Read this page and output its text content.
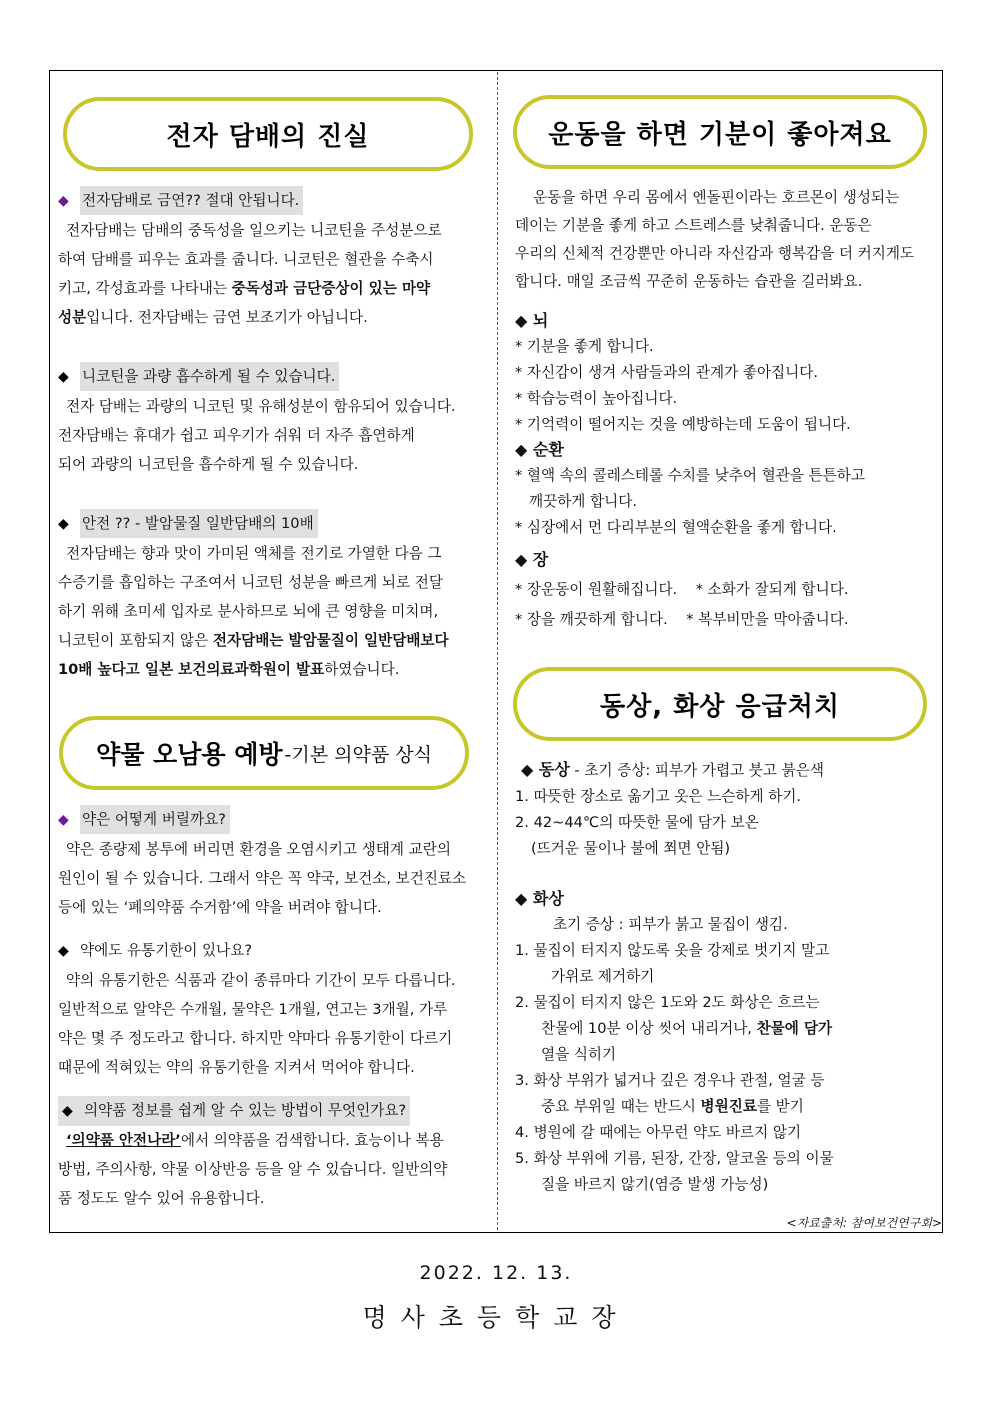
전자 담배의 진실

◆ 전자담배로 금연?? 절대 안됩니다.

전자담배는 담배의 중독성을 일으키는 니코틴을 주성분으로

하여 담배를 피우는 효과를 줍니다. 니코틴은 혈관을 수축시

키고, 각성효과를 나타내는 중독성과 금단증상이 있는 마약

성분입니다. 전자담배는 금연 보조기가 아닙니다.

◆ 니코틴을 과량 흡수하게 될 수 있습니다.

전자 담배는 과량의 니코틴 및 유해성분이 함유되어 있습니다.

전자담배는 휴대가 쉽고 피우기가 쉬워 더 자주 흡연하게

되어 과량의 니코틴을 흡수하게 될 수 있습니다.

◆ 안전 ?? - 발암물질 일반담배의 10배

전자담배는 향과 맛이 가미된 액체를 전기로 가열한 다음 그

수증기를 흡입하는 구조여서 니코틴 성분을 빠르게 뇌로 전달

하기 위해 초미세 입자로 분사하므로 뇌에 큰 영향을 미치며,

니코틴이 포함되지 않은 전자담배는 발암물질이 일반담배보다

10배 높다고 일본 보건의료과학원이 발표하였습니다.

약물 오남용 예방 -기본 의약품 상식

◆ 약은 어떻게 버릴까요?

약은 종량제 봉투에 버리면 환경을 오염시키고 생태계 교란의

원인이 될 수 있습니다. 그래서 약은 꼭 약국, 보건소, 보건진료소

등에 있는 ‘폐의약품 수거함’에 약을 버려야 합니다.

◆ 약에도 유통기한이 있나요?

약의 유통기한은 식품과 같이 종류마다 기간이 모두 다릅니다.

일반적으로 알약은 수개월, 물약은 1개월, 연고는 3개월, 가루

약은 몇 주 정도라고 합니다. 하지만 약마다 유통기한이 다르기

때문에 적혀있는 약의 유통기한을 지켜서 먹어야 합니다.

◆ 의약품 정보를 쉽게 알 수 있는 방법이 무엇인가요?

‘의약품 안전나라’에서 의약품을 검색합니다. 효능이나 복용

방법, 주의사항, 약물 이상반응 등을 알 수 있습니다. 일반의약

품 정도도 알수 있어 유용합니다.

운동을 하면 기분이 좋아져요

운동을 하면 우리 몸에서 엔돌핀이라는 호르몬이 생성되는

데이는 기분을 좋게 하고 스트레스를 낮춰줍니다. 운동은

우리의 신체적 건강뿐만 아니라 자신감과 행복감을 더 커지게도

합니다. 매일 조금씩 꾸준히 운동하는 습관을 길러봐요.

◆ 뇌

* 기분을 좋게 합니다.

* 자신감이 생겨 사람들과의 관계가 좋아집니다.

* 학습능력이 높아집니다.

* 기억력이 떨어지는 것을 예방하는데 도움이 됩니다.

◆ 순환

* 혈액 속의 콜레스테롤 수치를 낮추어 혈관을 튼튼하고

깨끗하게 합니다.

* 심장에서 먼 다리부분의 혈액순환을 좋게 합니다.

◆ 장

* 장운동이 원활해집니다.    * 소화가 잘되게 합니다.

* 장을 깨끗하게 합니다.    * 복부비만을 막아줍니다.

동상, 화상 응급처치

◆ 동상 - 초기 증상: 피부가 가렵고 붓고 붉은색

1. 따뜻한 장소로 옮기고 옷은 느슨하게 하기.

2. 42~44℃의 따뜻한 물에 담가 보온

(뜨거운 물이나 불에 쬐면 안됨)

◆ 화상

초기 증상 : 피부가 붉고 물집이 생김.

1. 물집이 터지지 않도록 옷을 강제로 벗기지 말고

가위로 제거하기

2. 물집이 터지지 않은 1도와 2도 화상은 흐르는

찬물에 10분 이상 씻어 내리거나, 찬물에 담가

열을 식히기

3. 화상 부위가 넓거나 깊은 경우나 관절, 얼굴 등

중요 부위일 때는 반드시 병원진료를 받기

4. 병원에 갈 때에는 아무런 약도 바르지 않기

5. 화상 부위에 기름, 된장, 간장, 알코올 등의 이물

질을 바르지 않기(염증 발생 가능성)

<자료출처: 참여보건연구회>
2022. 12. 13.
명사초등학교장
